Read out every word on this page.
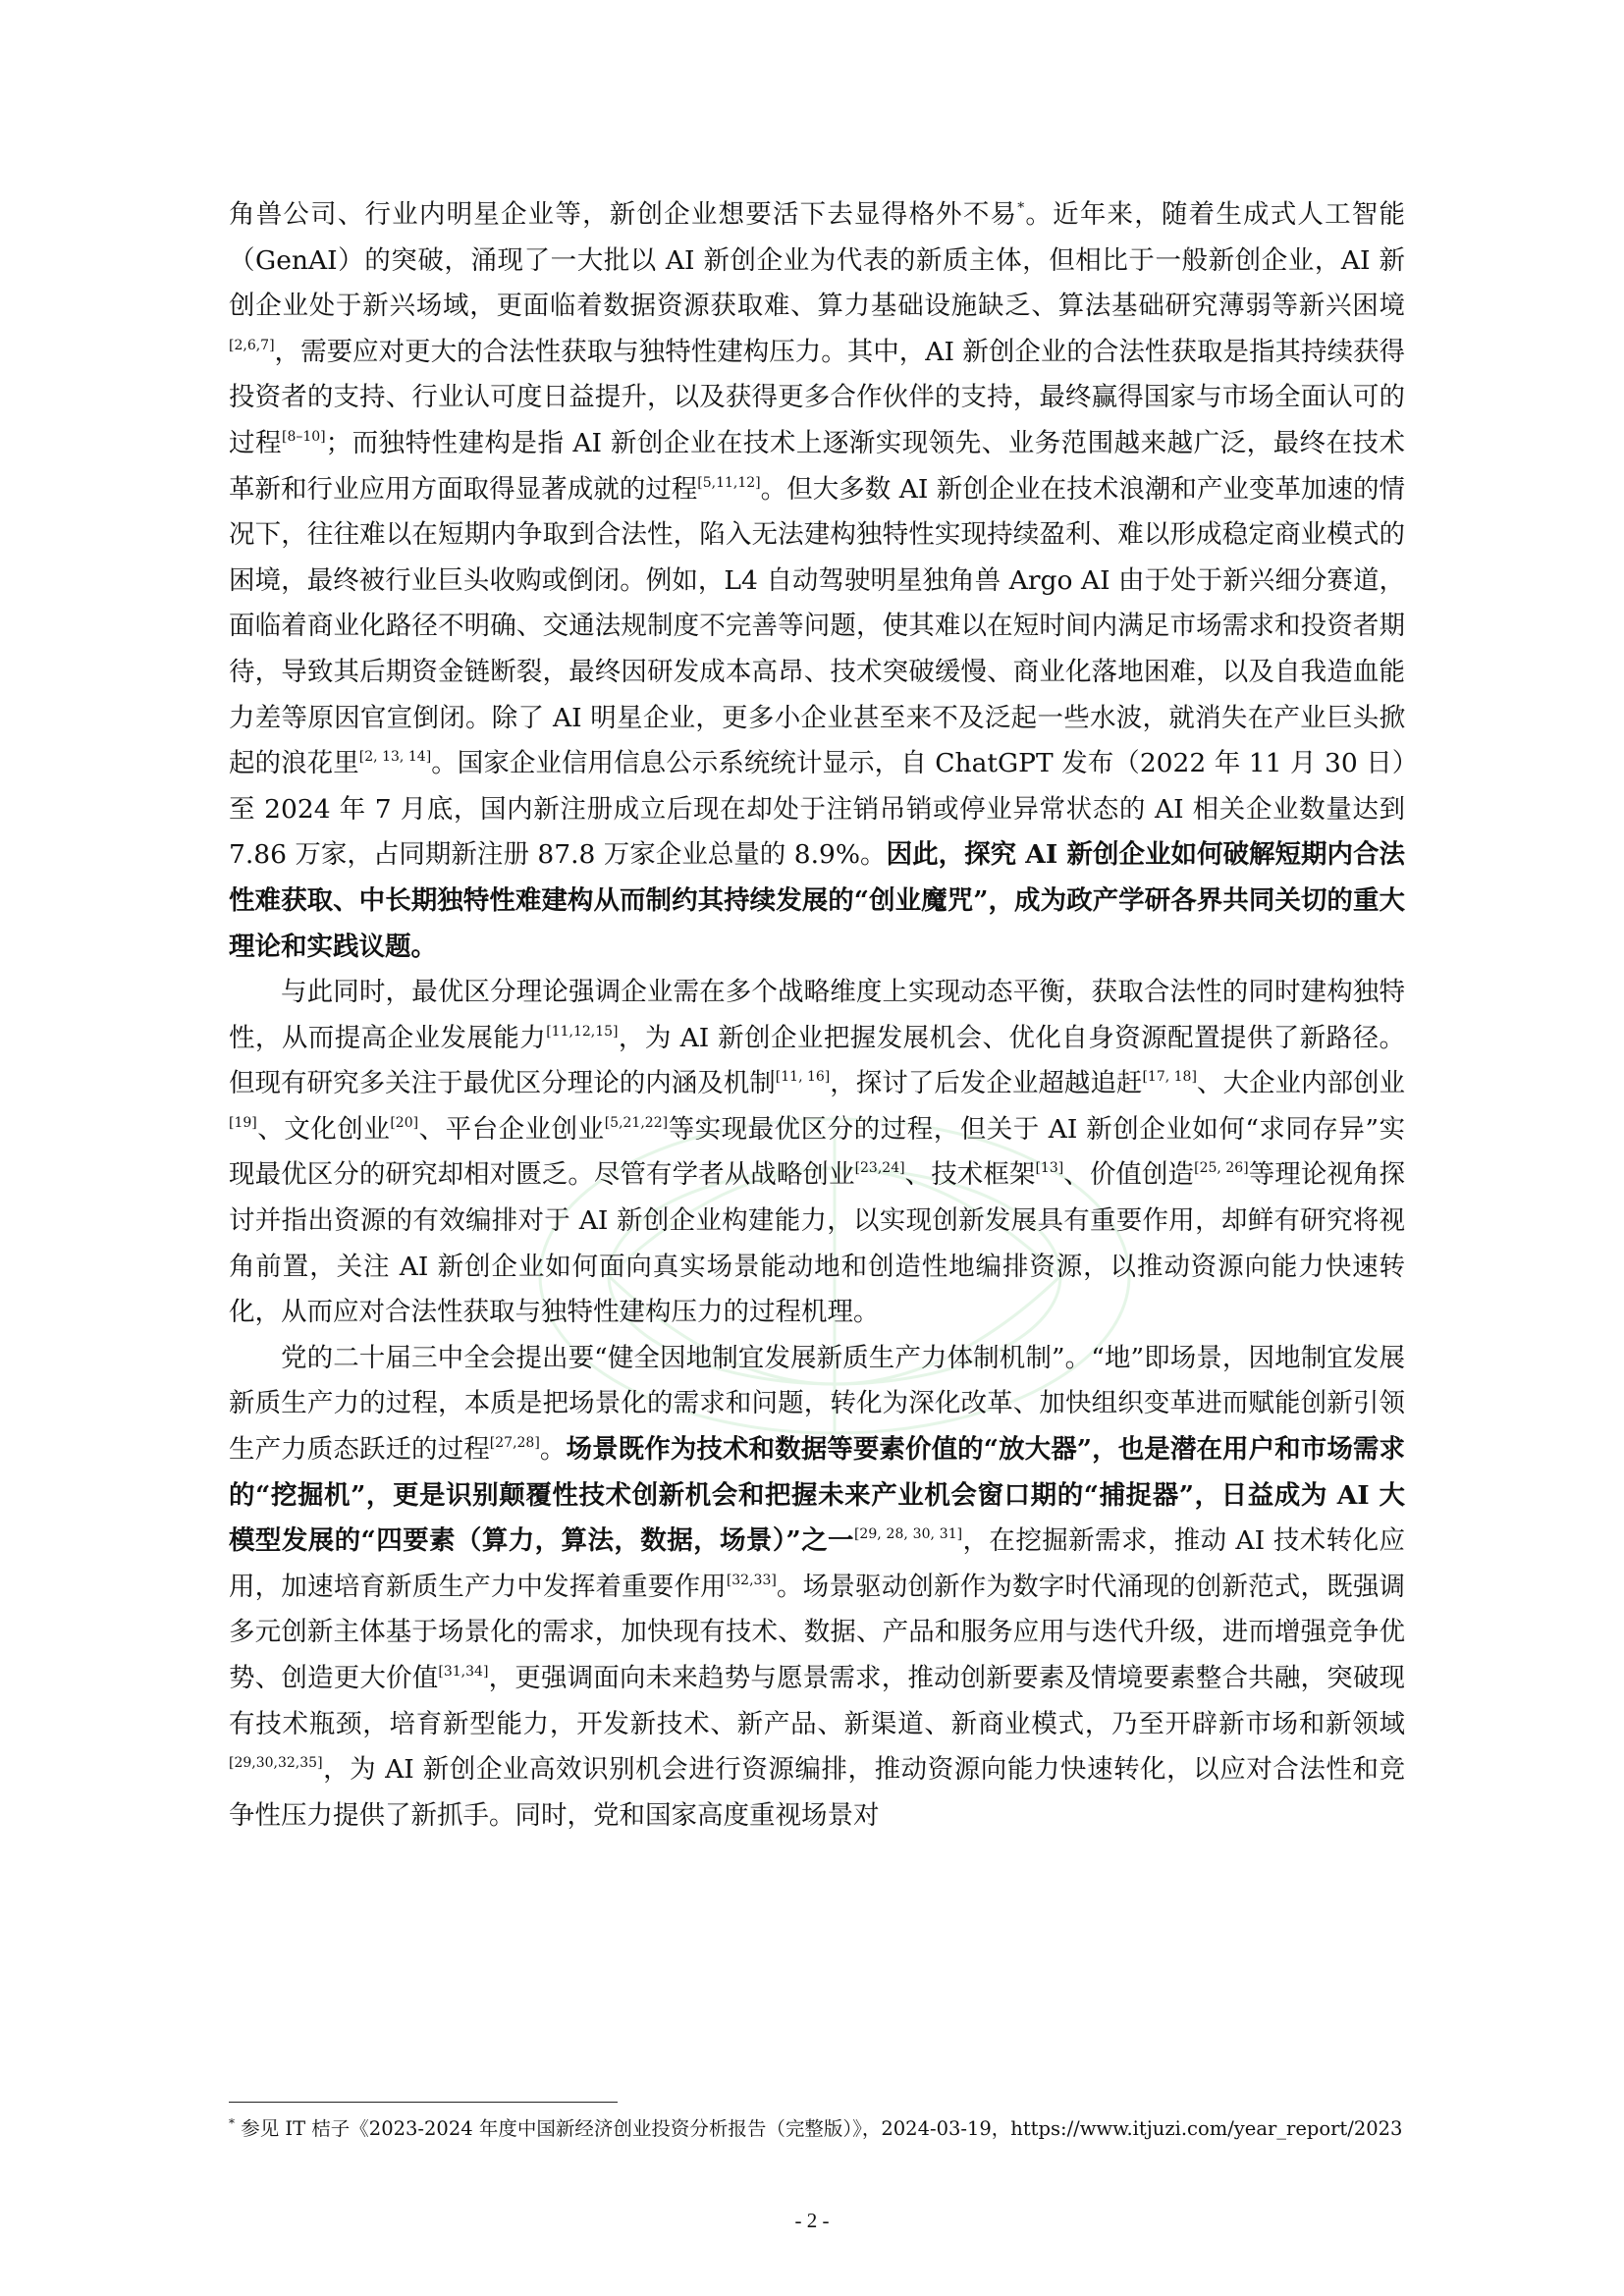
角兽公司、行业内明星企业等，新创企业想要活下去显得格外不易*。近年来，随着生成式人工智能（GenAI）的突破，涌现了一大批以 AI 新创企业为代表的新质主体，但相比于一般新创企业，AI 新创企业处于新兴场域，更面临着数据资源获取难、算力基础设施缺乏、算法基础研究薄弱等新兴困境[2,6,7]，需要应对更大的合法性获取与独特性建构压力。其中，AI 新创企业的合法性获取是指其持续获得投资者的支持、行业认可度日益提升，以及获得更多合作伙伴的支持，最终赢得国家与市场全面认可的过程[8–10]；而独特性建构是指 AI 新创企业在技术上逐渐实现领先、业务范围越来越广泛，最终在技术革新和行业应用方面取得显著成就的过程[5,11,12]。但大多数 AI 新创企业在技术浪潮和产业变革加速的情况下，往往难以在短期内争取到合法性，陷入无法建构独特性实现持续盈利、难以形成稳定商业模式的困境，最终被行业巨头收购或倒闭。例如，L4 自动驾驶明星独角兽 Argo AI 由于处于新兴细分赛道，面临着商业化路径不明确、交通法规制度不完善等问题，使其难以在短时间内满足市场需求和投资者期待，导致其后期资金链断裂，最终因研发成本高昂、技术突破缓慢、商业化落地困难，以及自我造血能力差等原因官宣倒闭。除了 AI 明星企业，更多小企业甚至来不及泛起一些水波，就消失在产业巨头掀起的浪花里[2, 13, 14]。国家企业信用信息公示系统统计显示，自 ChatGPT 发布（2022 年 11 月 30 日）至 2024 年 7 月底，国内新注册成立后现在却处于注销吊销或停业异常状态的 AI 相关企业数量达到 7.86 万家，占同期新注册 87.8 万家企业总量的 8.9%。因此，探究 AI 新创企业如何破解短期内合法性难获取、中长期独特性难建构从而制约其持续发展的“创业魔咒”，成为政产学研各界共同关切的重大理论和实践议题。

与此同时，最优区分理论强调企业需在多个战略维度上实现动态平衡，获取合法性的同时建构独特性，从而提高企业发展能力[11,12,15]，为 AI 新创企业把握发展机会、优化自身资源配置提供了新路径。但现有研究多关注于最优区分理论的内涵及机制[11, 16]，探讨了后发企业超越追赶[17, 18]、大企业内部创业[19]、文化创业[20]、平台企业创业[5,21,22]等实现最优区分的过程，但关于 AI 新创企业如何“求同存异”实现最优区分的研究却相对匮乏。尽管有学者从战略创业[23,24]、技术框架[13]、价值创造[25, 26]等理论视角探讨并指出资源的有效编排对于 AI 新创企业构建能力，以实现创新发展具有重要作用，却鲜有研究将视角前置，关注 AI 新创企业如何面向真实场景能动地和创造性地编排资源，以推动资源向能力快速转化，从而应对合法性获取与独特性建构压力的过程机理。

党的二十届三中全会提出要“健全因地制宜发展新质生产力体制机制”。“地”即场景，因地制宜发展新质生产力的过程，本质是把场景化的需求和问题，转化为深化改革、加快组织变革进而赋能创新引领生产力质态跃迁的过程[27,28]。场景既作为技术和数据等要素价值的“放大器”，也是潜在用户和市场需求的“挖掘机”，更是识别颠覆性技术创新机会和把握未来产业机会窗口期的“捕捉器”，日益成为 AI 大模型发展的“四要素（算力，算法，数据，场景）”之一[29, 28, 30, 31]，在挖掘新需求，推动 AI 技术转化应用，加速培育新质生产力中发挥着重要作用[32,33]。场景驱动创新作为数字时代涌现的创新范式，既强调多元创新主体基于场景化的需求，加快现有技术、数据、产品和服务应用与迭代升级，进而增强竞争优势、创造更大价值[31,34]，更强调面向未来趋势与愿景需求，推动创新要素及情境要素整合共融，突破现有技术瓶颈，培育新型能力，开发新技术、新产品、新渠道、新商业模式，乃至开辟新市场和新领域[29,30,32,35]，为 AI 新创企业高效识别机会进行资源编排，推动资源向能力快速转化，以应对合法性和竞争性压力提供了新抓手。同时，党和国家高度重视场景对

* 参见 IT 桔子《2023-2024 年度中国新经济创业投资分析报告（完整版）》，2024-03-19，https://www.itjuzi.com/year_report/2023
- 2 -
